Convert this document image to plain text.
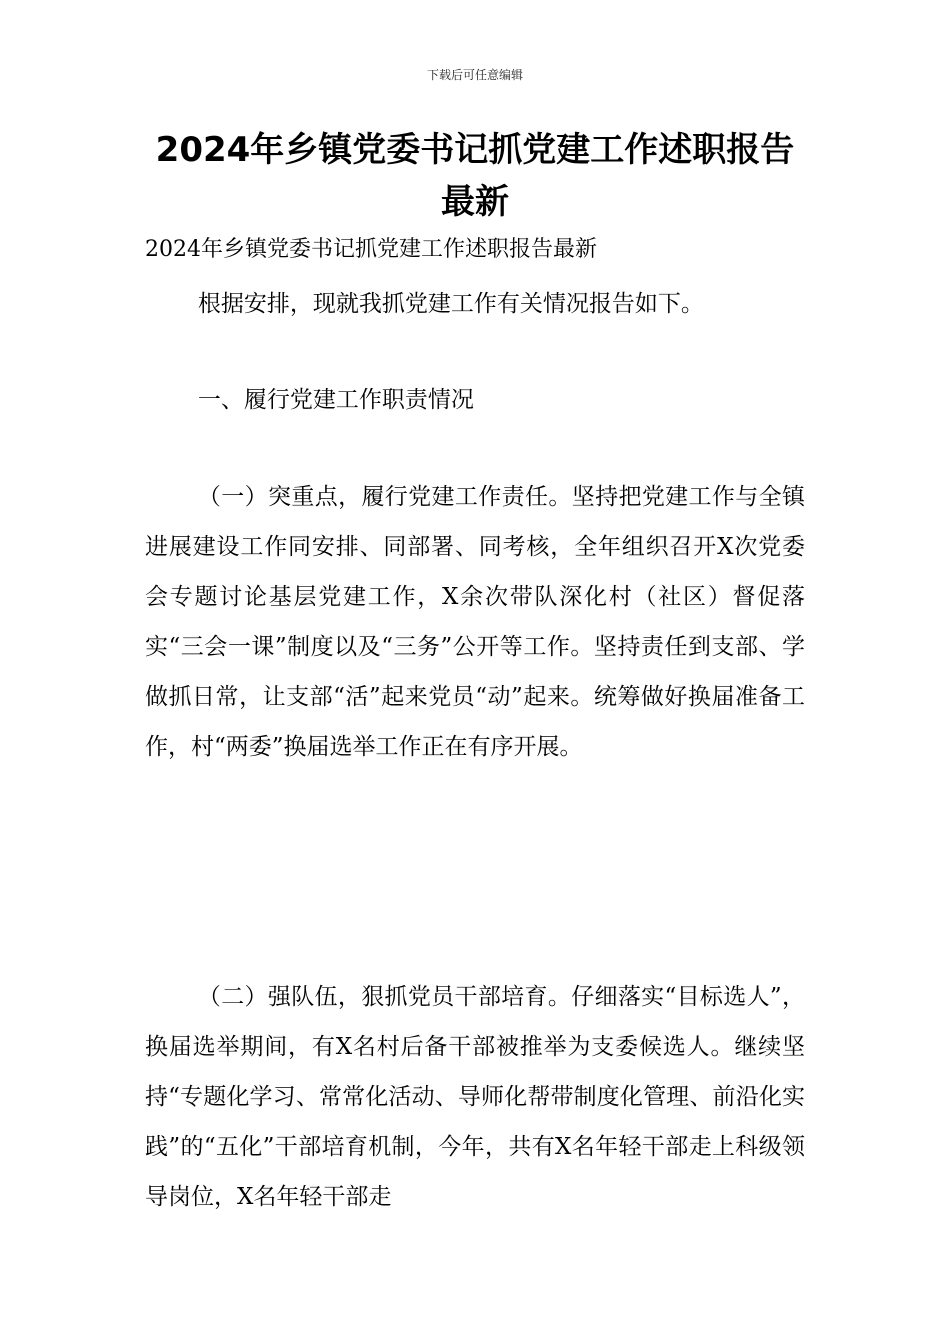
下载后可任意编辑
2024年乡镇党委书记抓党建工作述职报告最新
2024年乡镇党委书记抓党建工作述职报告最新
根据安排，现就我抓党建工作有关情况报告如下。
一、履行党建工作职责情况
（一）突重点，履行党建工作责任。坚持把党建工作与全镇进展建设工作同安排、同部署、同考核，全年组织召开X次党委会专题讨论基层党建工作，X余次带队深化村（社区）督促落实“三会一课”制度以及“三务”公开等工作。坚持责任到支部、学做抓日常，让支部“活”起来党员“动”起来。统筹做好换届准备工作，村“两委”换届选举工作正在有序开展。
（二）强队伍，狠抓党员干部培育。仔细落实“目标选人”，换届选举期间，有X名村后备干部被推举为支委候选人。继续坚持“专题化学习、常常化活动、导师化帮带制度化管理、前沿化实践”的“五化”干部培育机制，今年，共有X名年轻干部走上科级领导岗位，X名年轻干部走
